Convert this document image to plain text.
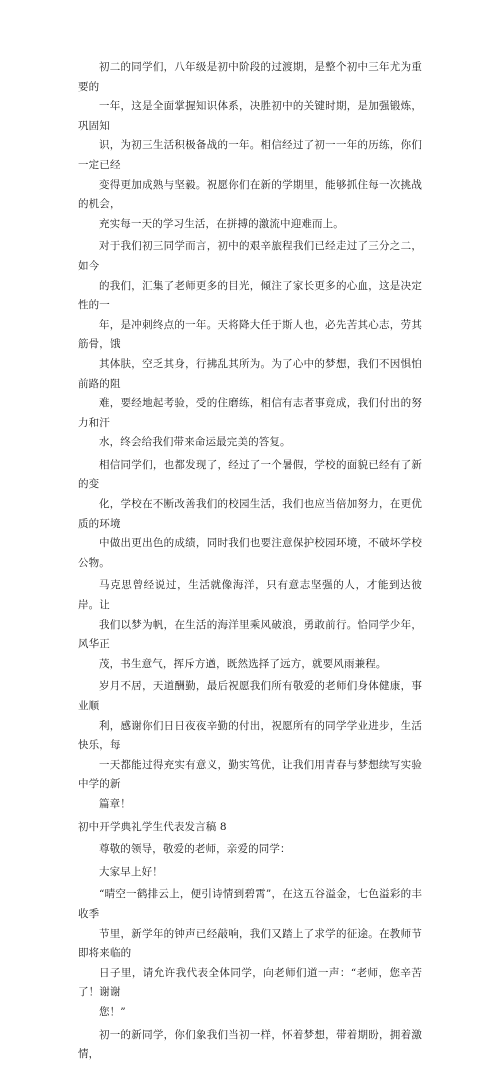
初二的同学们，八年级是初中阶段的过渡期，是整个初中三年尤为重要的
一年，这是全面掌握知识体系，决胜初中的关键时期，是加强锻炼，巩固知
识，为初三生活积极备战的一年。相信经过了初一一年的历练，你们一定已经
变得更加成熟与坚毅。祝愿你们在新的学期里，能够抓住每一次挑战的机会，
充实每一天的学习生活，在拼搏的激流中迎难而上。

对于我们初三同学而言，初中的艰辛旅程我们已经走过了三分之二，如今
的我们，汇集了老师更多的目光，倾注了家长更多的心血，这是决定性的一
年，是冲刺终点的一年。天将降大任于斯人也，必先苦其心志，劳其筋骨，饿
其体肤，空乏其身，行拂乱其所为。为了心中的梦想，我们不因惧怕前路的阻
难，要经地起考验，受的住磨练，相信有志者事竟成，我们付出的努力和汗
水，终会给我们带来命运最完美的答复。

相信同学们，也都发现了，经过了一个暑假，学校的面貌已经有了新的变
化，学校在不断改善我们的校园生活，我们也应当倍加努力，在更优质的环境
中做出更出色的成绩，同时我们也要注意保护校园环境，不破坏学校公物。

马克思曾经说过，生活就像海洋，只有意志坚强的人，才能到达彼岸。让
我们以梦为帆，在生活的海洋里乘风破浪，勇敢前行。恰同学少年，风华正
茂，书生意气，挥斥方遒，既然选择了远方，就要风雨兼程。

岁月不居，天道酬勤，最后祝愿我们所有敬爱的老师们身体健康，事业顺
利，感谢你们日日夜夜辛勤的付出，祝愿所有的同学学业进步，生活快乐，每
一天都能过得充实有意义，勤实笃优，让我们用青春与梦想续写实验中学的新
篇章！

初中开学典礼学生代表发言稿 8

尊敬的领导，敬爱的老师，亲爱的同学：

大家早上好！

“晴空一鹤排云上，便引诗情到碧霄”，在这五谷溢金，七色溢彩的丰收季
节里，新学年的钟声已经敲响，我们又踏上了求学的征途。在教师节即将来临的
日子里，请允许我代表全体同学，向老师们道一声：“老师，您辛苦了！谢谢
您！”

初一的新同学，你们象我们当初一样，怀着梦想，带着期盼，拥着激情，
